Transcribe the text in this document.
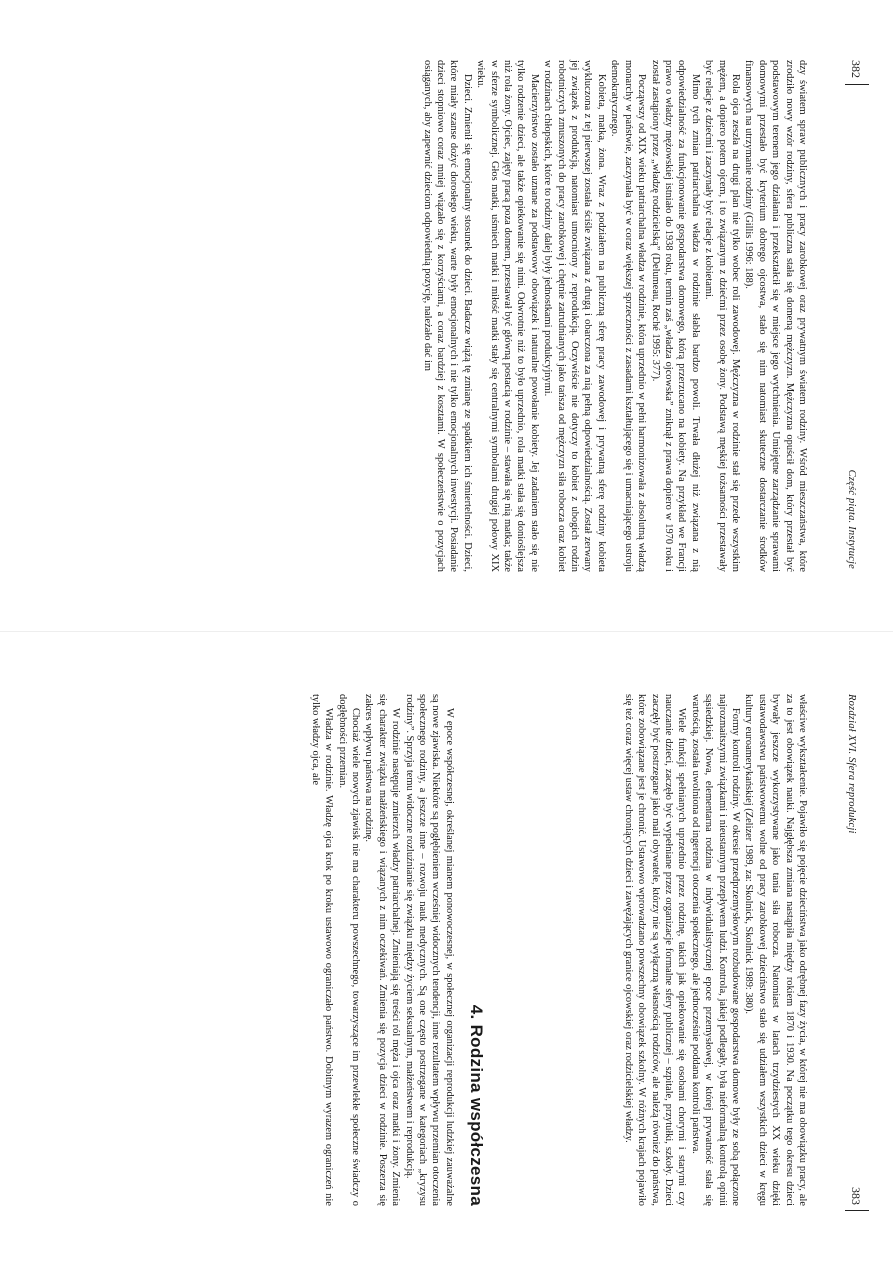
382
Część piąta. Instytucje

dzy światem spraw publicznych i pracy zarobkowej oraz prywatnym światem rodziny. Wśród mieszczaństwa, które zrodziło nowy wzór rodziny, sfera publiczna stała się domeną mężczyzn. Mężczyzna opuścił dom, który przestał być podstawowym terenem jego działania i przekształcił się w miejsce jego wytchnienia. Umiejętne zarządzanie sprawami domowymi przestało być kryterium dobrego ojcostwa, stało się nim natomiast skuteczne dostarczanie środków finansowych na utrzymanie rodziny (Gillis 1996: 188).

Rola ojca zeszła na drugi plan nie tylko wobec roli zawodowej. Mężczyzna w rodzinie stał się przede wszystkim mężem, a dopiero potem ojcem, i to związanym z dziećmi przez osobę żony. Podstawą męskiej tożsamości przestawały być relacje z dziećmi i zaczynały być relacje z kobietami.

Mimo tych zmian patriarchalna władza w rodzinie słabła bardzo powoli. Trwała dłużej niż związana z nią odpowiedzialność za funkcjonowanie gospodarstwa domowego, którą przerzucano na kobiety. Na przykład we Francji prawo o władzy mężowskiej istniało do 1938 roku, termin zaś „władza ojcowska” zniknął z prawa dopiero w 1970 roku i został zastąpiony przez „władzę rodzicielską” (Delumeau, Roché 1995: 377).

Począwszy od XIX wieku patriarchalna władza w rodzinie, która uprzednio w pełni harmonizowała z absolutną władzą monarchy w państwie, zaczynała być w coraz większej sprzeczności z zasadami kształtującego się i umacniającego ustroju demokratycznego.

Kobieta, matka, żona. Wraz z podziałem na publiczną sferę pracy zawodowej i prywatną sferę rodziny kobieta wykluczona z tej pierwszej została ściśle związana z drugą i obarczona za nią pełną odpowiedzialnością. Został zerwany jej związek z produkcją, natomiast umocniony z reprodukcją. Oczywiście nie dotyczy to kobiet z ubogich rodzin robotniczych zmuszonych do pracy zarobkowej i chętnie zatrudnianych jako tańsza od mężczyzn siła robocza oraz kobiet w rodzinach chłopskich, które to rodziny dalej były jednostkami produkcyjnymi.

Macierzyństwo zostało uznane za podstawowy obowiązek i naturalne powołanie kobiety. Jej zadaniem stało się nie tylko rodzenie dzieci, ale także opiekowanie się nimi. Odwrotnie niż to było uprzednio, rola matki stała się donioślejsza niż rola żony. Ojciec, zajęty pracą poza domem, przestawał być główną postacią w rodzinie – stawała się nią matka; także w sferze symbolicznej. Głos matki, uśmiech matki i miłość matki stały się centralnymi symbolami drugiej połowy XIX wieku.

Dzieci. Zmienił się emocjonalny stosunek do dzieci. Badacze wiążą tę zmianę ze spadkiem ich śmiertelności. Dzieci, które miały szanse dożyć dorosłego wieku, warte były emocjonalnych i nie tylko emocjonalnych inwestycji. Posiadanie dzieci stopniowo coraz mniej wiązało się z korzyściami, a coraz bardziej z kosztami. W społeczeństwie o pozycjach osiąganych, aby zapewnić dzieciom odpowiednią pozycję, należało dać im

Rozdział XVI. Sfera reprodukcji
383

właściwe wykształcenie. Pojawiło się pojęcie dzieciństwa jako odrębnej fazy życia, w której nie ma obowiązku pracy, ale za to jest obowiązek nauki. Najgłębsza zmiana nastąpiła między rokiem 1870 i 1930. Na początku tego okresu dzieci bywały jeszcze wykorzystywane jako tania siła robocza. Natomiast w latach trzydziestych XX wieku dzięki ustawodawstwu państwowemu wolne od pracy zarobkowej dzieciństwo stało się udziałem wszystkich dzieci w kręgu kultury euroamerykańskiej (Zelizer 1989, za: Skolnick, Skolnick 1989: 380).

Formy kontroli rodziny. W okresie przedprzemysłowym rozbudowane gospodarstwa domowe były ze sobą połączone najrozmaitszymi związkami i nieustannym przepływem ludzi. Kontrola, jakiej podlegały, była nieformalną kontrolą opinii sąsiedzkiej. Nowa, elementarna rodzina w indywidualistycznej epoce przemysłowej, w której prywatność stała się wartością, została uwolniona od ingerencji otoczenia społecznego, ale jednocześnie poddana kontroli państwa.

Wiele funkcji spełnianych uprzednio przez rodzinę, takich jak opiekowanie się osobami chorymi i starymi czy nauczanie dzieci, zaczęło być wypełniane przez organizacje formalne sfery publicznej – szpitale, przytułki, szkoły. Dzieci zaczęły być postrzegane jako mali obywatele, którzy nie są wyłączną własnością rodziców, ale należą również do państwa, które zobowiązane jest je chronić. Ustawowo wprowadzano powszechny obowiązek szkolny. W różnych krajach pojawiło się też coraz więcej ustaw chroniących dzieci i zawężających granice ojcowskiej oraz rodzicielskiej władzy.

4. Rodzina współczesna

W epoce współczesnej, określanej mianem ponowoczesnej, w społecznej organizacji reprodukcji ludzkiej zauważalne są nowe zjawiska. Niektóre są pogłębieniem wcześniej widocznych tendencji, inne rezultatem wpływu przemian otoczenia społecznego rodziny, a jeszcze inne – rozwoju nauk medycznych. Są one często postrzegane w kategoriach „kryzysu rodziny”. Sprzyja temu widoczne rozluźnianie się związku między życiem seksualnym, małżeństwem i reprodukcją.

W rodzinie następuje zmierzch władzy patriarchalnej. Zmieniają się treści ról męża i ojca oraz matki i żony. Zmienia się charakter związku małżeńskiego i wiązanych z nim oczekiwań. Zmienia się pozycja dzieci w rodzinie. Poszerza się zakres wpływu państwa na rodzinę.

Chociaż wiele nowych zjawisk nie ma charakteru powszechnego, towarzyszące im przewlekłe społeczne świadczy o dogłębności przemian.

Władza w rodzinie. Władzę ojca krok po kroku ustawowo ograniczało państwo. Dobitnym wyrazem ograniczeń nie tylko władzy ojca, ale
